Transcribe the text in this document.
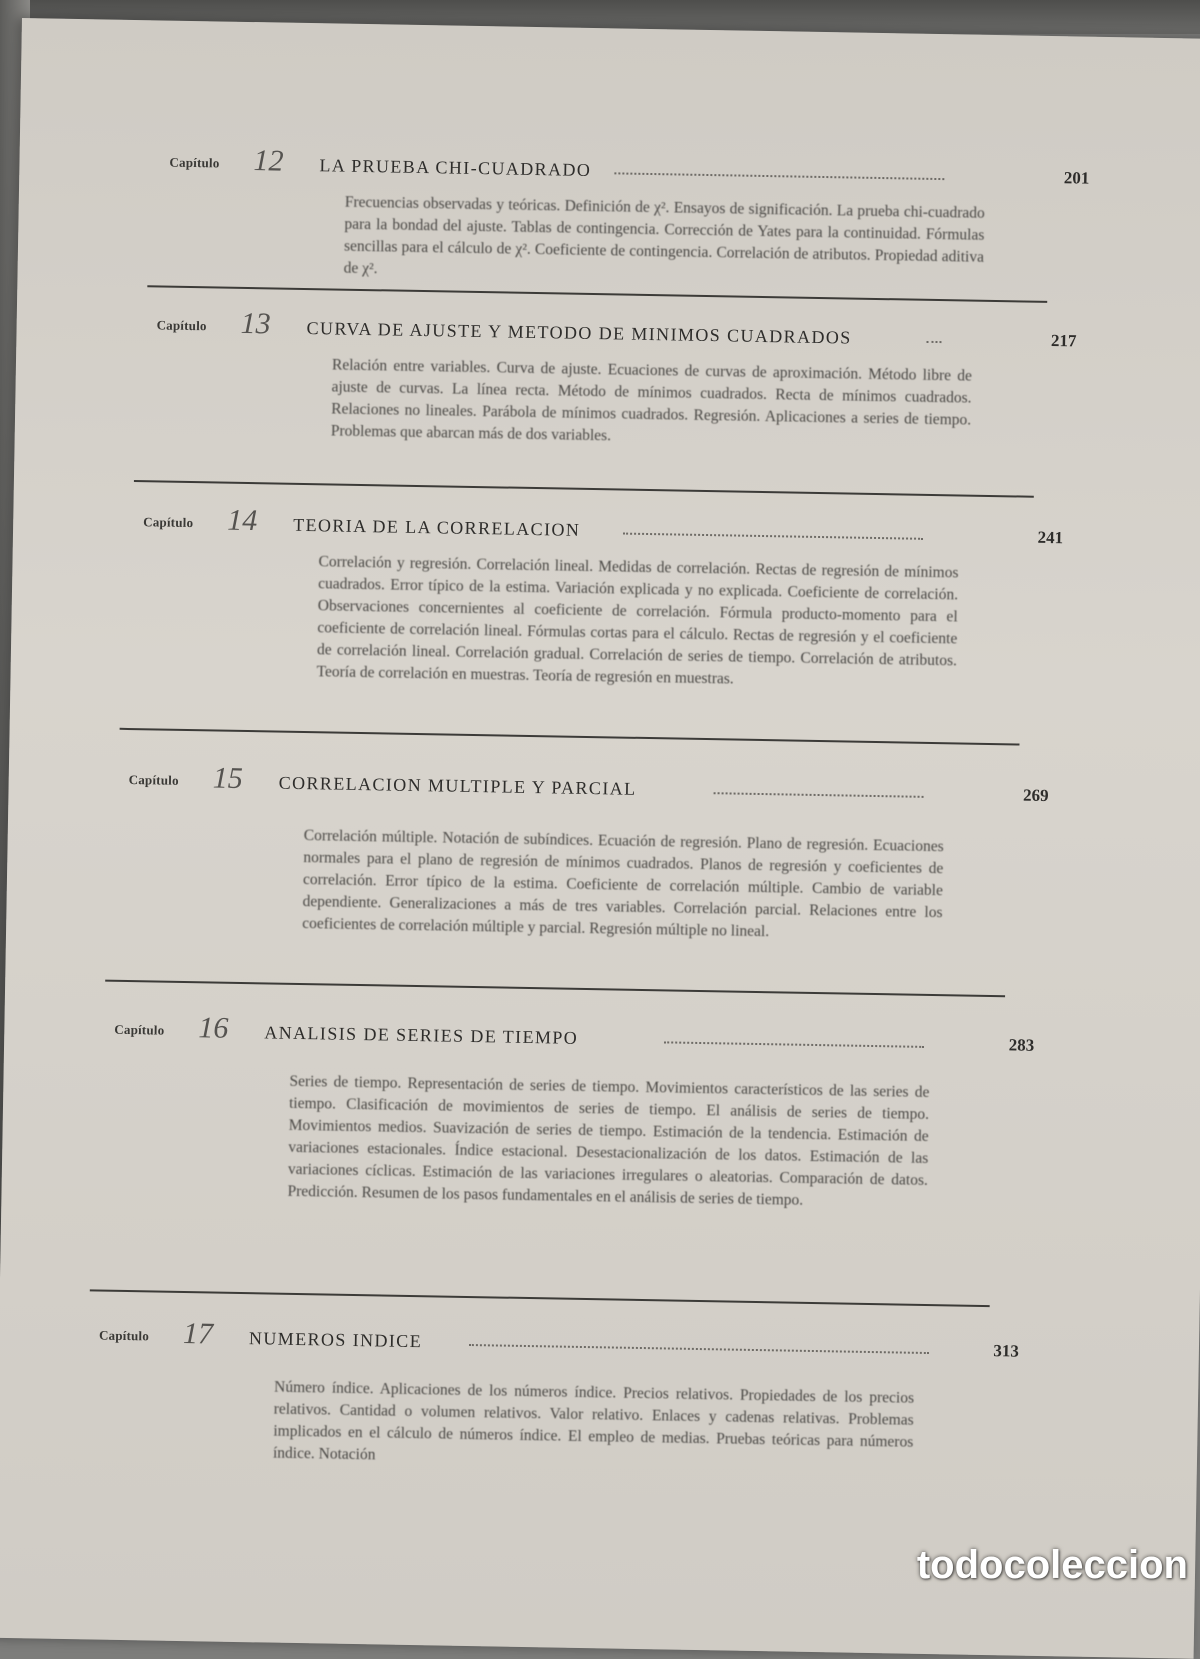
Capítulo 12 LA PRUEBA CHI-CUADRADO	201
Frecuencias observadas y teóricas. Definición de χ². Ensayos de significación. La prueba chi-cuadrado para la bondad del ajuste. Tablas de contingencia. Corrección de Yates para la continuidad. Fórmulas sencillas para el cálculo de χ². Coeficiente de contingencia. Correlación de atributos. Propiedad aditiva de χ².
Capítulo 13 CURVA DE AJUSTE Y METODO DE MINIMOS CUADRADOS	217
Relación entre variables. Curva de ajuste. Ecuaciones de curvas de aproximación. Método libre de ajuste de curvas. La línea recta. Método de mínimos cuadrados. Recta de mínimos cuadrados. Relaciones no lineales. Parábola de mínimos cuadrados. Regresión. Aplicaciones a series de tiempo. Problemas que abarcan más de dos variables.
Capítulo 14 TEORIA DE LA CORRELACION	241
Correlación y regresión. Correlación lineal. Medidas de correlación. Rectas de regresión de mínimos cuadrados. Error típico de la estima. Variación explicada y no explicada. Coeficiente de correlación. Observaciones concernientes al coeficiente de correlación. Fórmula producto-momento para el coeficiente de correlación lineal. Fórmulas cortas para el cálculo. Rectas de regresión y el coeficiente de correlación lineal. Correlación gradual. Correlación de series de tiempo. Correlación de atributos. Teoría de correlación en muestras. Teoría de regresión en muestras.
Capítulo 15 CORRELACION MULTIPLE Y PARCIAL	269
Correlación múltiple. Notación de subíndices. Ecuación de regresión. Plano de regresión. Ecuaciones normales para el plano de regresión de mínimos cuadrados. Planos de regresión y coeficientes de correlación. Error típico de la estima. Coeficiente de correlación múltiple. Cambio de variable dependiente. Generalizaciones a más de tres variables. Correlación parcial. Relaciones entre los coeficientes de correlación múltiple y parcial. Regresión múltiple no lineal.
Capítulo 16 ANALISIS DE SERIES DE TIEMPO	283
Series de tiempo. Representación de series de tiempo. Movimientos característicos de las series de tiempo. Clasificación de movimientos de series de tiempo. El análisis de series de tiempo. Movimientos medios. Suavización de series de tiempo. Estimación de la tendencia. Estimación de variaciones estacionales. Índice estacional. Desestacionalización de los datos. Estimación de las variaciones cíclicas. Estimación de las variaciones irregulares o aleatorias. Comparación de datos. Predicción. Resumen de los pasos fundamentales en el análisis de series de tiempo.
Capítulo 17 NUMEROS INDICE	313
Número índice. Aplicaciones de los números índice. Precios relativos. Propiedades de los precios relativos. Cantidad o volumen relativos. Valor relativo. Enlaces y cadenas relativas. Problemas implicados en el cálculo de números índice. El empleo de medias. Pruebas teóricas para números índice. Notación
todocoleccion
